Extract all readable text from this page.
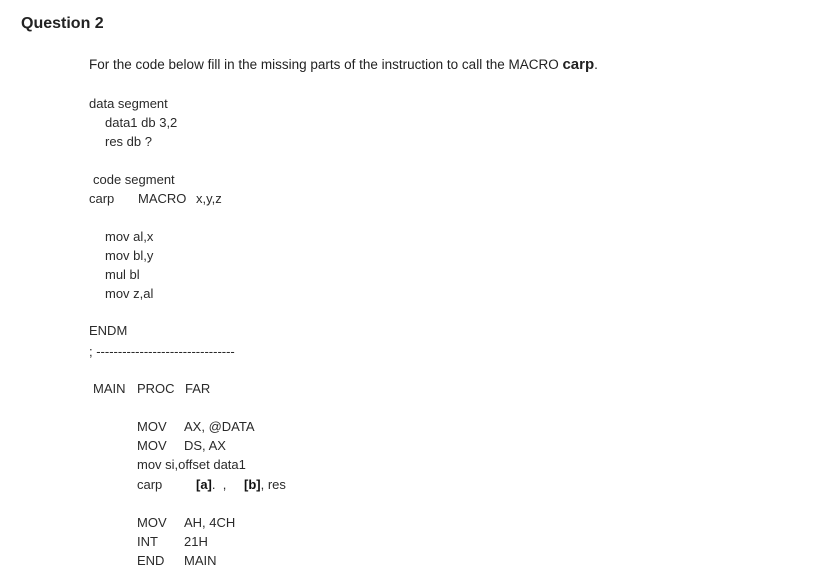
Question 2
For the code below fill in the missing parts of the instruction to call the MACRO carp.
data segment
data1 db 3,2
res db ?
code segment
carp MACRO x,y,z
mov al,x
mov bl,y
mul bl
mov z,al
ENDM
; --------------------------------
MAIN PROC FAR
MOV AX, @DATA
MOV DS, AX
mov si,offset data1
carp	[a].  , [b], res
MOV AH, 4CH
INT 21H
END MAIN
